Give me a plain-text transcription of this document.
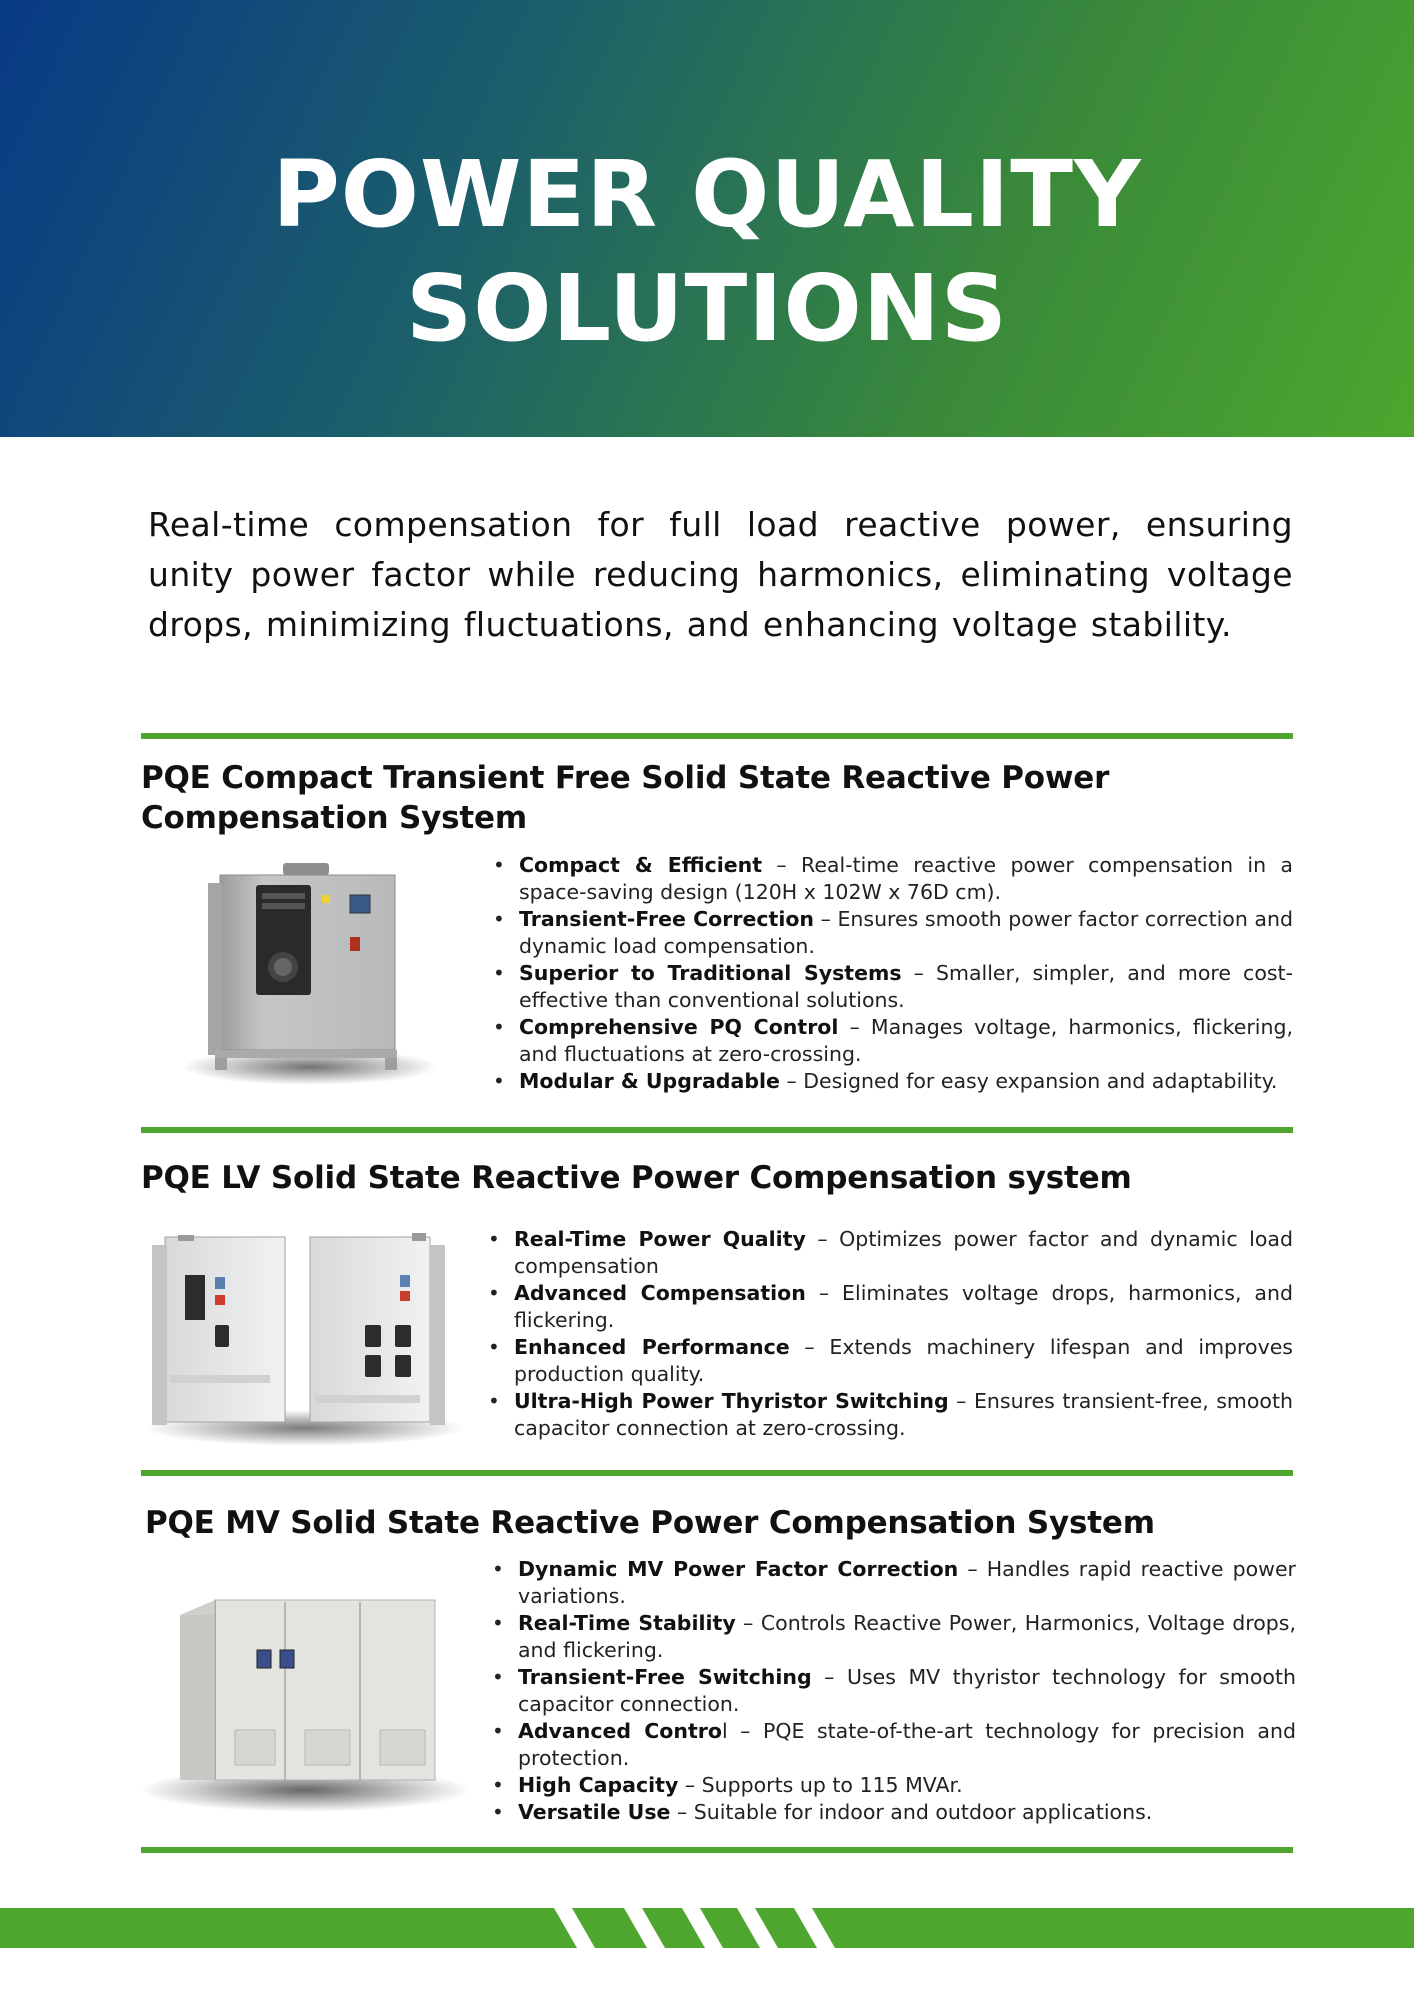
POWER QUALITY
SOLUTIONS
Real-time compensation for full load reactive power, ensuring unity power factor while reducing harmonics, eliminating voltage drops, minimizing fluctuations, and enhancing voltage stability.
PQE Compact Transient Free Solid State Reactive Power
Compensation System
• Compact & Efficient – Real-time reactive power compensation in a space-saving design (120H x 102W x 76D cm).
• Transient-Free Correction – Ensures smooth power factor correction and dynamic load compensation.
• Superior to Traditional Systems – Smaller, simpler, and more cost-effective than conventional solutions.
• Comprehensive PQ Control – Manages voltage, harmonics, flickering, and fluctuations at zero-crossing.
• Modular & Upgradable – Designed for easy expansion and adaptability.
PQE LV Solid State Reactive Power Compensation system
• Real-Time Power Quality – Optimizes power factor and dynamic load compensation
• Advanced Compensation – Eliminates voltage drops, harmonics, and flickering.
• Enhanced Performance – Extends machinery lifespan and improves production quality.
• Ultra-High Power Thyristor Switching – Ensures transient-free, smooth capacitor connection at zero-crossing.
PQE MV Solid State Reactive Power Compensation System
• Dynamic MV Power Factor Correction – Handles rapid reactive power variations.
• Real-Time Stability – Controls Reactive Power, Harmonics, Voltage drops, and flickering.
• Transient-Free Switching – Uses MV thyristor technology for smooth capacitor connection.
• Advanced Control – PQE state-of-the-art technology for precision and protection.
• High Capacity – Supports up to 115 MVAr.
• Versatile Use – Suitable for indoor and outdoor applications.
